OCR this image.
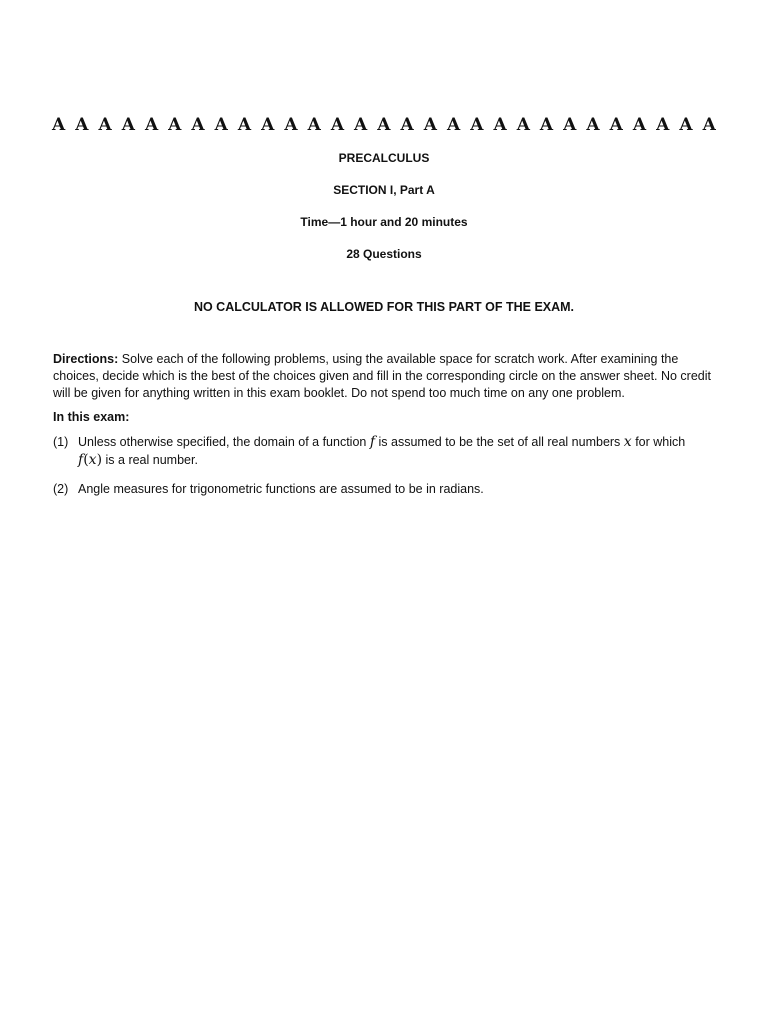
A A A A A A A A A A A A A A A A A A A A A A A A A A A A A
PRECALCULUS
SECTION I, Part A
Time—1 hour and 20 minutes
28 Questions
NO CALCULATOR IS ALLOWED FOR THIS PART OF THE EXAM.
Directions: Solve each of the following problems, using the available space for scratch work. After examining the choices, decide which is the best of the choices given and fill in the corresponding circle on the answer sheet. No credit will be given for anything written in this exam booklet. Do not spend too much time on any one problem.
In this exam:
(1) Unless otherwise specified, the domain of a function f is assumed to be the set of all real numbers x for which
f(x) is a real number.
(2) Angle measures for trigonometric functions are assumed to be in radians.
